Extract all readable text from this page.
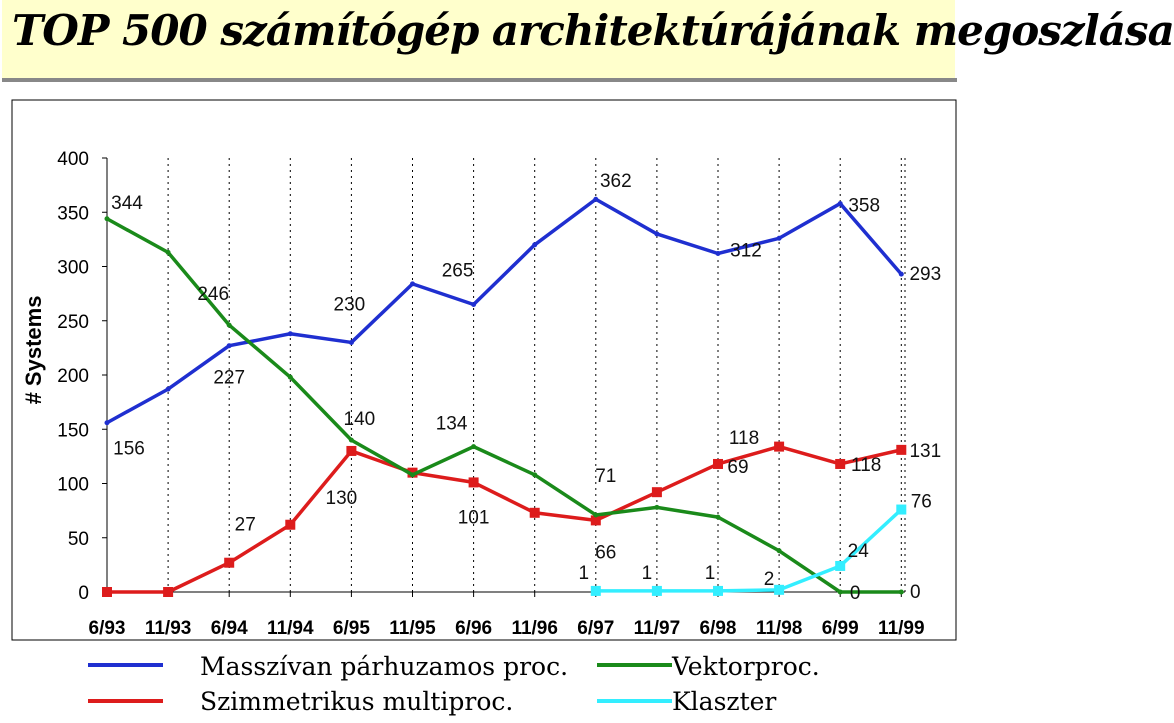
TOP 500 számítógép architektúrájának megoszlása
0
50
100
150
200
250
300
350
400
6/93 11/93 6/94 11/94 6/95 11/95 6/96 11/96 6/97 11/97 6/98 11/98 6/99 11/99
# Systems
156
227
230
265
362
312
358
293
27
130
101
66
118
118
131
344
246
140	134
71	69
0	0
1	1	1	2
24
76
Masszívan párhuzamos proc.	Vektorproc.
Szimmetrikus multiproc.	Klaszter
